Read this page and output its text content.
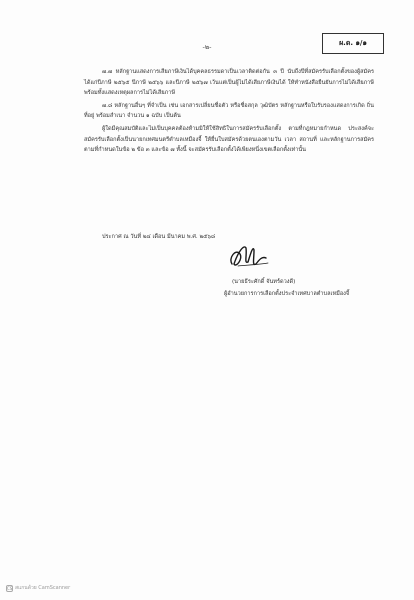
-๒-	ผ.ด. ๑/๑

๗.๗ หลักฐานแสดงการเสียภาษีเงินได้บุคคลธรรมดาเป็นเวลาติดต่อกัน ๓ ปี นับถึงปีที่สมัครรับเลือกตั้งของผู้สมัคร ได้แก่ปีภาษี ๒๕๖๕ ปีภาษี ๒๕๖๖ และปีภาษี ๒๕๖๗ เว้นแต่เป็นผู้ไม่ได้เสียภาษีเงินได้ ให้ทำหนังสือยืนยันการไม่ได้เสียภาษีพร้อมทั้งแสดงเหตุผลการไม่ได้เสียภาษี

๗.๘ หลักฐานอื่นๆ ที่จำเป็น เช่น เอกสารเปลี่ยนชื่อตัว หรือชื่อสกุล วุฒิบัตร หลักฐานหรือใบรับรองแสดงการเกิด ถิ่นที่อยู่ พร้อมสำเนา จำนวน ๑ ฉบับ เป็นต้น

ผู้ใดมีคุณสมบัติและไม่เป็นบุคคลต้องห้ามมิให้ใช้สิทธิในการสมัครรับเลือกตั้ง ตามที่กฎหมายกำหนด ประสงค์จะสมัครรับเลือกตั้งเป็นนายกเทศมนตรีตำบลเหมืองจี้ ให้ยื่นใบสมัครด้วยตนเองตามวัน เวลา สถานที่ และหลักฐานการสมัครตามที่กำหนดในข้อ ๒ ข้อ ๓ และข้อ ๗ ทั้งนี้ จะสมัครรับเลือกตั้งได้เพียงหนึ่งเขตเลือกตั้งเท่านั้น

ประกาศ ณ วันที่ ๒๔ เดือน มีนาคม พ.ศ. ๒๕๖๘
(นายธีระศักดิ์ จันทร์ดวงดี)
ผู้อำนวยการการเลือกตั้งประจำเทศบาลตำบลเหมืองจี้
CS สแกนด้วย CamScanner
